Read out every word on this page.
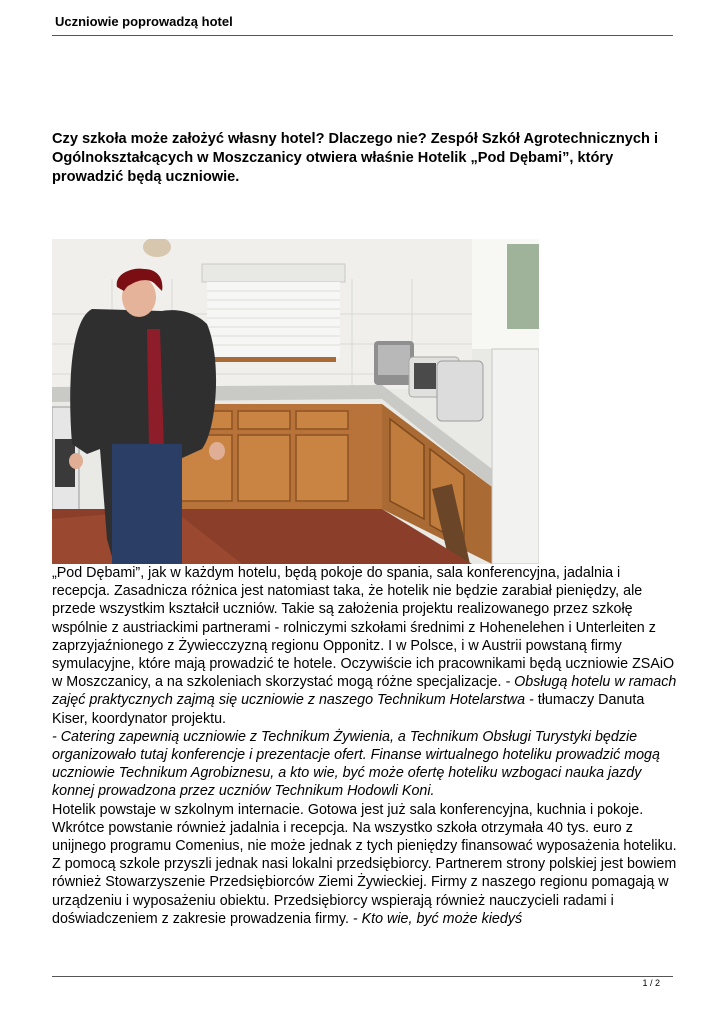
Uczniowie poprowadzą hotel
Czy szkoła może założyć własny hotel? Dlaczego nie? Zespół Szkół Agrotechnicznych i Ogólnokształcących w Moszczanicy otwiera właśnie Hotelik „Pod Dębami”, który prowadzić będą uczniowie.

„Pod Dębami”, jak w każdym hotelu, będą pokoje do spania, sala konferencyjna, jadalnia i recepcja. Zasadnicza różnica jest natomiast taka, że hotelik nie będzie zarabiał pieniędzy, ale przede wszystkim kształcił uczniów. Takie są założenia projektu realizowanego przez szkołę wspólnie z austriackimi partnerami - rolniczymi szkołami średnimi z Hohenelehen i Unterleiten z zaprzyjaźnionego z Żywiecczyzną regionu Opponitz. I w Polsce, i w Austrii powstaną firmy symulacyjne, które mają prowadzić te hotele. Oczywiście ich pracownikami będą uczniowie ZSAiO w Moszczanicy, a na szkoleniach skorzystać mogą różne specjalizacje. - Obsługą hotelu w ramach zajęć praktycznych zajmą się uczniowie z naszego Technikum Hotelarstwa - tłumaczy Danuta Kiser, koordynator projektu.

- Catering zapewnią uczniowie z Technikum Żywienia, a Technikum Obsługi Turystyki będzie organizowało tutaj konferencje i prezentacje ofert. Finanse wirtualnego hoteliku prowadzić mogą uczniowie Technikum Agrobiznesu, a kto wie, być może ofertę hoteliku wzbogaci nauka jazdy konnej prowadzona przez uczniów Technikum Hodowli Koni.

Hotelik powstaje w szkolnym internacie. Gotowa jest już sala konferencyjna, kuchnia i pokoje. Wkrótce powstanie również jadalnia i recepcja. Na wszystko szkoła otrzymała 40 tys. euro z unijnego programu Comenius, nie może jednak z tych pieniędzy finansować wyposażenia hoteliku. Z pomocą szkole przyszli jednak nasi lokalni przedsiębiorcy. Partnerem strony polskiej jest bowiem również Stowarzyszenie Przedsiębiorców Ziemi Żywieckiej. Firmy z naszego regionu pomagają w urządzeniu i wyposażeniu obiektu. Przedsiębiorcy wspierają również nauczycieli radami i doświadczeniem z zakresie prowadzenia firmy. - Kto wie, być może kiedyś

1 / 2
